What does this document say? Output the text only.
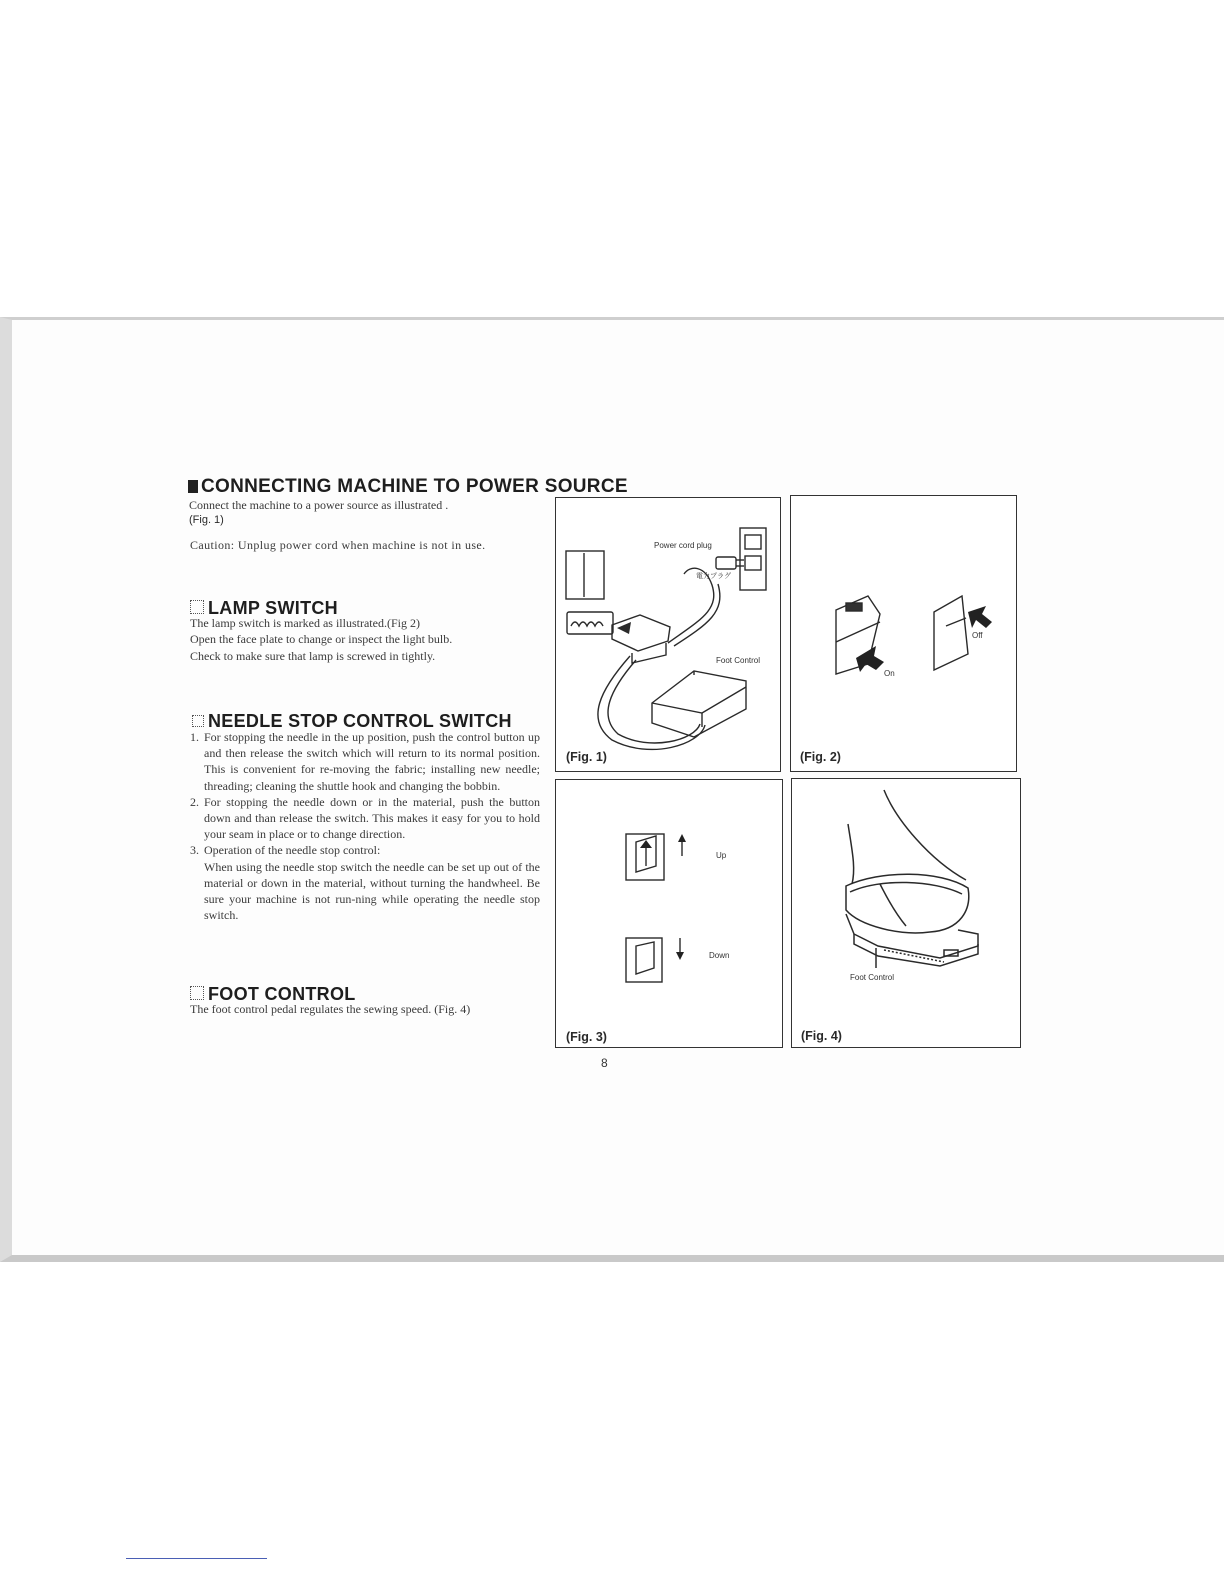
CONNECTING MACHINE TO POWER SOURCE
Connect the machine to a power source as illustrated .
(Fig. 1)
Caution: Unplug power cord when machine is not in use.
LAMP SWITCH
The lamp switch is marked as illustrated.(Fig 2)
Open the face plate to change or inspect the light bulb.
Check to make sure that lamp is screwed in tightly.
NEEDLE STOP CONTROL SWITCH
1. For stopping the needle in the up position, push the control button up and then release the switch which will return to its normal position. This is convenient for re-moving the fabric; installing new needle; threading; cleaning the shuttle hook and changing the bobbin.
2. For stopping the needle down or in the material, push the button down and than release the switch. This makes it easy for you to hold your seam in place or to change direction.
3. Operation of the needle stop control:
When using the needle stop switch the needle can be set up out of the material or down in the material, without turning the handwheel. Be sure your machine is not run-ning while operating the needle stop switch.
FOOT CONTROL
The foot control pedal regulates the sewing speed. (Fig. 4)
Power cord plug
電力プラグ
Foot Control
(Fig. 1)
On
Off
(Fig. 2)
Up
Down
(Fig. 3)
Foot Control
(Fig. 4)
8
